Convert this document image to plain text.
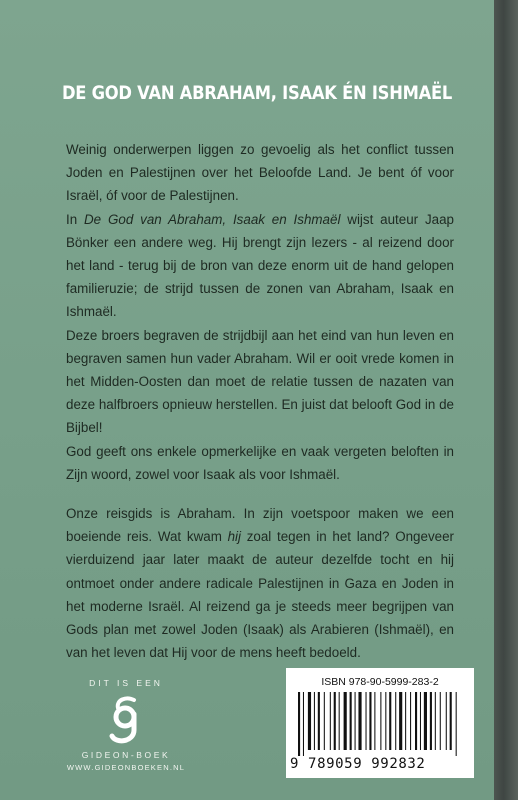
DE GOD VAN ABRAHAM, ISAAK ÉN ISHMAËL

Weinig onderwerpen liggen zo gevoelig als het conflict tussen Joden en Palestijnen over het Beloofde Land. Je bent óf voor Israël, óf voor de Palestijnen.

In De God van Abraham, Isaak en Ishmaël wijst auteur Jaap Bönker een andere weg. Hij brengt zijn lezers - al reizend door het land - terug bij de bron van deze enorm uit de hand gelopen familieruzie; de strijd tussen de zonen van Abraham, Isaak en Ishmaël.

Deze broers begraven de strijdbijl aan het eind van hun leven en begraven samen hun vader Abraham. Wil er ooit vrede komen in het Midden-Oosten dan moet de relatie tussen de nazaten van deze halfbroers opnieuw herstellen. En juist dat belooft God in de Bijbel!

God geeft ons enkele opmerkelijke en vaak vergeten beloften in Zijn woord, zowel voor Isaak als voor Ishmaël.

Onze reisgids is Abraham. In zijn voetspoor maken we een boeiende reis. Wat kwam hij zoal tegen in het land? Ongeveer vierduizend jaar later maakt de auteur dezelfde tocht en hij ontmoet onder andere radicale Palestijnen in Gaza en Joden in het moderne Israël. Al reizend ga je steeds meer begrijpen van Gods plan met zowel Joden (Isaak) als Arabieren (Ishmaël), en van het leven dat Hij voor de mens heeft bedoeld.

DIT IS EEN
GIDEON-BOEK
WWW.GIDEONBOEKEN.NL
ISBN 978-90-5999-283-2
9 789059 992832
